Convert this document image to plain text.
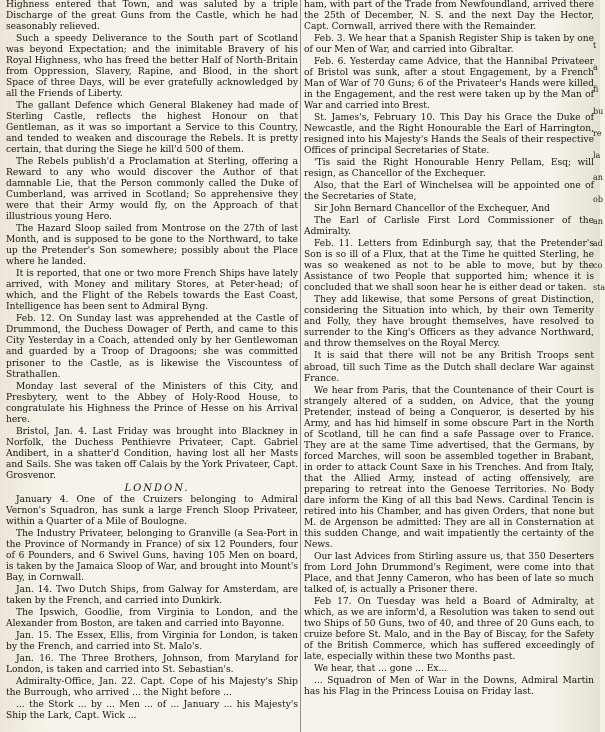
Highness entered that Town, and was saluted by a triple Discharge of the great Guns from the Castle, which he had seasonably relieved.

Such a speedy Deliverance to the South part of Scotland was beyond Expectation; and the inimitable Bravery of his Royal Highness, who has freed the better Half of North-Britain from Oppression, Slavery, Rapine, and Blood, in the short Space of three Days, will be ever gratefully acknowledged by all the Friends of Liberty.

The gallant Defence which General Blakeney had made of Sterling Castle, reflects the highest Honour on that Gentleman, as it was so important a Service to this Country, and tended to weaken and discourage the Rebels. It is pretty certain, that during the Siege he kill'd 500 of them.

The Rebels publish'd a Proclamation at Sterling, offering a Reward to any who would discover the Author of that damnable Lie, that the Person commonly called the Duke of Cumberland, was arrived in Scotland; So apprehensive they were that their Army would fly, on the Approach of that illustrious young Hero.

The Hazard Sloop sailed from Montrose on the 27th of last Month, and is supposed to be gone to the Northward, to take up the Pretender's Son somewhere; possibly about the Place where he landed.

It is reported, that one or two more French Ships have lately arrived, with Money and military Stores, at Peter-head; of which, and the Flight of the Rebels towards the East Coast, Intelligence has been sent to Admiral Byng.

Feb. 12. On Sunday last was apprehended at the Castle of Drummond, the Duchess Dowager of Perth, and came to this City Yesterday in a Coach, attended only by her Gentlewoman and guarded by a Troop of Dragoons; she was committed prisoner to the Castle, as is likewise the Viscountess of Strathallen.

Monday last several of the Ministers of this City, and Presbytery, went to the Abbey of Holy-Rood House, to congratulate his Highness the Prince of Hesse on his Arrival here.

Bristol, Jan. 4. Last Friday was brought into Blackney in Norfolk, the Duchess Penthievre Privateer, Capt. Gabriel Andibert, in a shatter'd Condition, having lost all her Masts and Sails. She was taken off Calais by the York Privateer, Capt. Grosvenor.

LONDON.

January 4. One of the Cruizers belonging to Admiral Vernon's Squadron, has sunk a large French Sloop Privateer, within a Quarter of a Mile of Boulogne.

The Industry Privateer, belonging to Granville (a Sea-Port in the Province of Normandy in France) of six 12 Pounders, four of 6 Pounders, and 6 Swivel Guns, having 105 Men on board, is taken by the Jamaica Sloop of War, and brought into Mount's Bay, in Cornwall.

Jan. 14. Two Dutch Ships, from Galway for Amsterdam, are taken by the French, and carried into Dunkirk.

The Ipswich, Goodlie, from Virginia to London, and the Alexander from Boston, are taken and carried into Bayonne.

Jan. 15. The Essex, Ellis, from Virginia for London, is taken by the French, and carried into St. Malo's.

Jan. 16. The Three Brothers, Johnson, from Maryland for London, is taken and carried into St. Sebastian's.

Admiralty-Office, Jan. 22. Capt. Cope of his Majesty's Ship the Burrough, who arrived ... the Night before ...

... the Stork ... by ... Men ... of ... January ... his Majesty's Ship the Lark, Capt. Wick ...

ham, with part of the Trade from Newfoundland, arrived there the 25th of December, N. S. and the next Day the Hector, Capt. Cornwall, arrived there with the Remainder.

Feb. 3. We hear that a Spanish Register Ship is taken by one of our Men of War, and carried into Gibraltar.

Feb. 6. Yesterday came Advice, that the Hannibal Privateer of Bristol was sunk, after a stout Engagement, by a French Man of War of 70 Guns; 6 of the Privateer's Hands were killed in the Engagement, and the rest were taken up by the Man of War and carried into Brest.

St. James's, February 10. This Day his Grace the Duke of Newcastle, and the Right Honourable the Earl of Harrington, resigned into his Majesty's Hands the Seals of their respective Offices of principal Secretaries of State.

'Tis said the Right Honourable Henry Pellam, Esq; will resign, as Chancellor of the Exchequer.

Also, that the Earl of Winchelsea will be appointed one of the Secretaries of State,

Sir John Bernard Chancellor of the Exchequer, And

The Earl of Carlisle First Lord Commissioner of the Admiralty.

Feb. 11. Letters from Edinburgh say, that the Pretender's Son is so ill of a Flux, that at the Time he quitted Sterling, he was so weakened as not to be able to move, but by the Assistance of two People that supported him; whence it is concluded that we shall soon hear he is either dead or taken.

They add likewise, that some Persons of great Distinction, considering the Situation into which, by their own Temerity and Folly, they have brought themselves, have resolved to surrender to the King's Officers as they advance Northward, and throw themselves on the Royal Mercy.

It is said that there will not be any British Troops sent abroad, till such Time as the Dutch shall declare War against France.

We hear from Paris, that the Countenance of their Court is strangely altered of a sudden, on Advice, that the young Pretender, instead of being a Conqueror, is deserted by his Army, and has hid himself in some obscure Part in the North of Scotland, till he can find a safe Passage over to France. They are at the same Time advertised, that the Germans, by forced Marches, will soon be assembled together in Brabant, in order to attack Count Saxe in his Trenches. And from Italy, that the Allied Army, instead of acting offensively, are preparing to retreat into the Genoese Territories. No Body dare inform the King of all this bad News. Cardinal Tencin is retired into his Chamber, and has given Orders, that none but M. de Argenson be admitted: They are all in Consternation at this sudden Change, and wait impatiently the certainty of the News.

Our last Advices from Stirling assure us, that 350 Deserters from Lord John Drummond's Regiment, were come into that Place, and that Jenny Cameron, who has been of late so much talked of, is actually a Prisoner there.

Feb 17. On Tuesday was held a Board of Admiralty, at which, as we are inform'd, a Resolution was taken to send out two Ships of 50 Guns, two of 40, and three of 20 Guns each, to cruize before St. Malo, and in the Bay of Biscay, for the Safety of the British Commerce, which has suffered exceedingly of late, especially within these two Months past.

We hear, that ... gone ... Ex...

... Squadron of Men of War in the Downs, Admiral Martin has his Flag in the Princess Louisa on Friday last.

t
a
fi
bu
re
la
an
ob
an
ad
co
sta
